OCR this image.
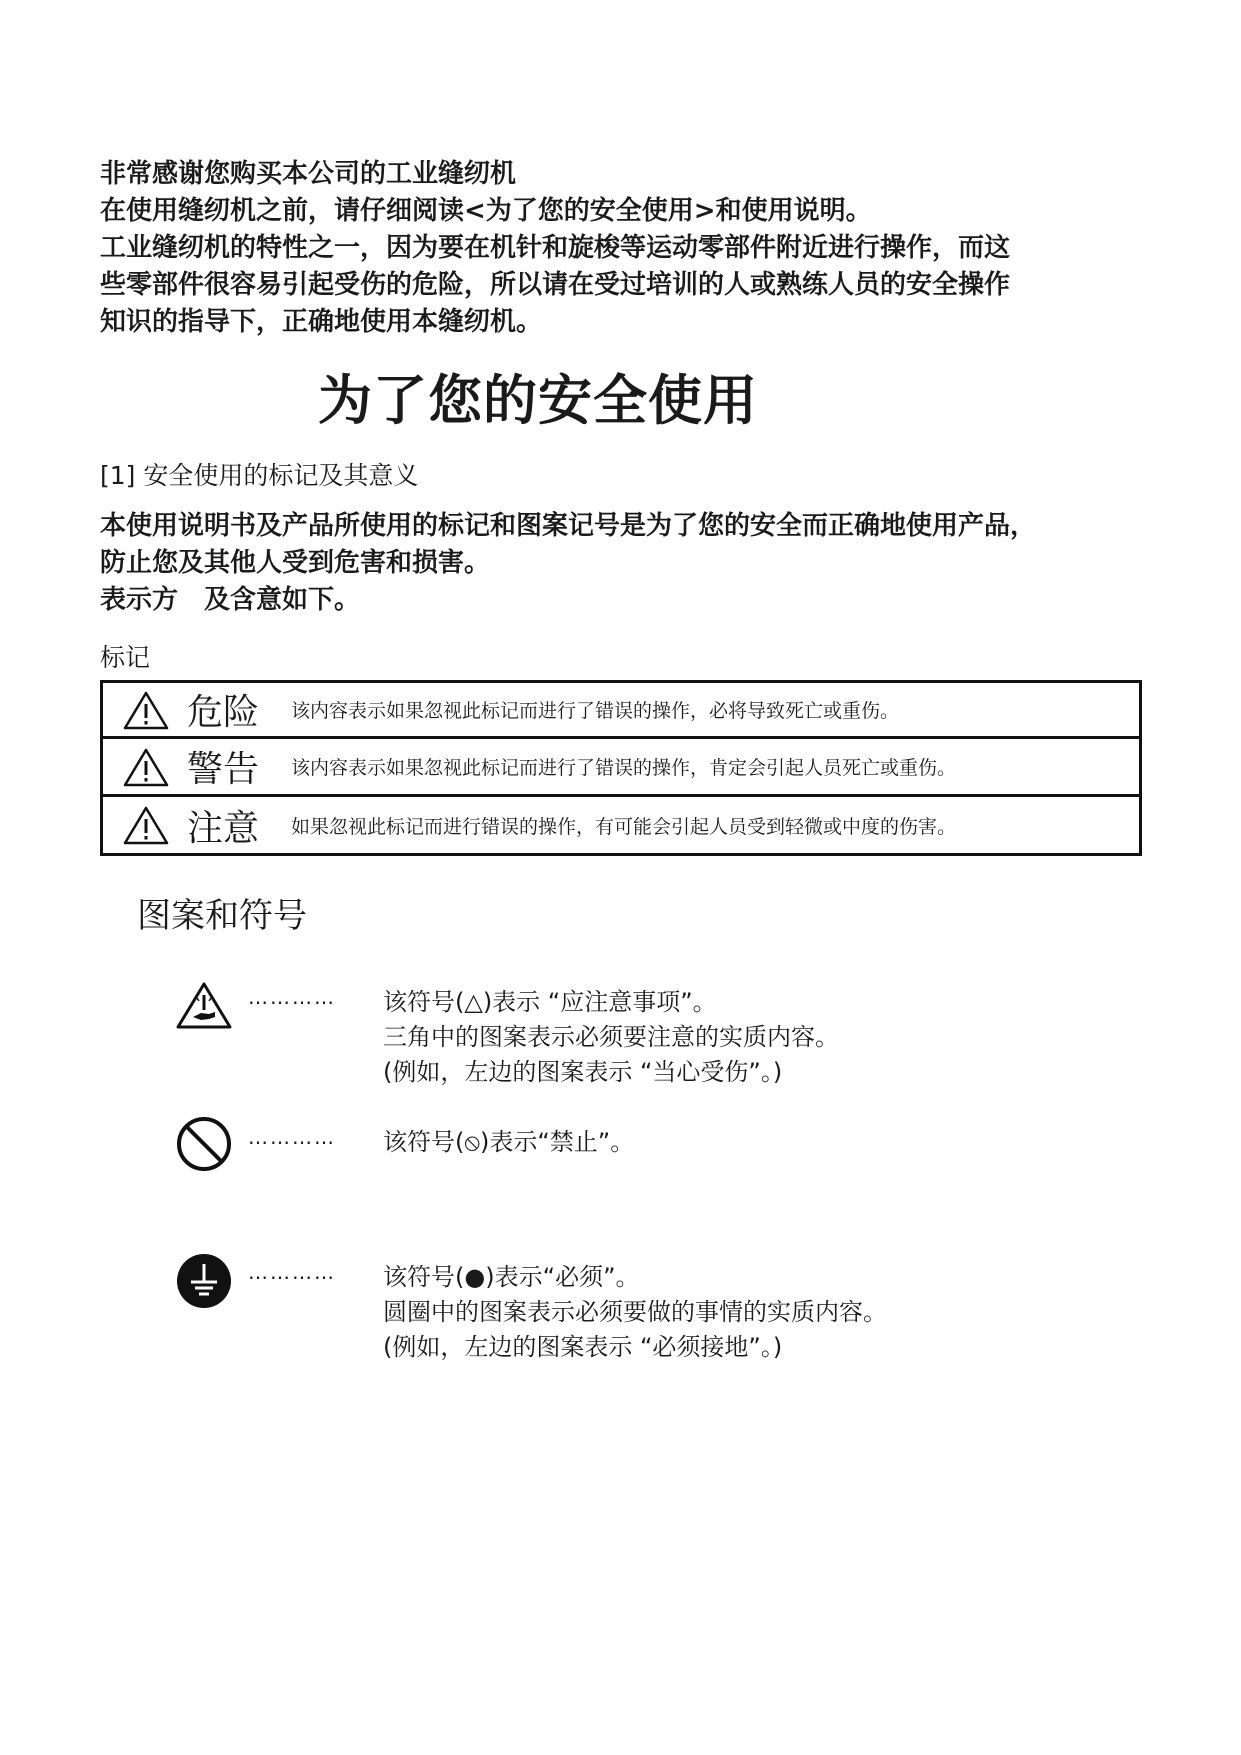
非常感谢您购买本公司的工业缝纫机

在使用缝纫机之前，请仔细阅读<为了您的安全使用>和使用说明。

工业缝纫机的特性之一，因为要在机针和旋梭等运动零部件附近进行操作，而这

些零部件很容易引起受伤的危险，所以请在受过培训的人或熟练人员的安全操作

知识的指导下，正确地使用本缝纫机。

为了您的安全使用
[1] 安全使用的标记及其意义

本使用说明书及产品所使用的标记和图案记号是为了您的安全而正确地使用产品，

防止您及其他人受到危害和损害。

表示方　及含意如下。

标记
危险	该内容表示如果忽视此标记而进行了错误的操作，必将导致死亡或重伤。
警告	该内容表示如果忽视此标记而进行了错误的操作，肯定会引起人员死亡或重伤。
注意	如果忽视此标记而进行错误的操作，有可能会引起人员受到轻微或中度的伤害。
图案和符号
………… 该符号(△)表示 “应注意事项”。
三角中的图案表示必须要注意的实质内容。
(例如，左边的图案表示 “当心受伤”。)
………… 该符号(⦸)表示“禁止”。
………… 该符号(●)表示“必须”。
圆圈中的图案表示必须要做的事情的实质内容。
(例如，左边的图案表示 “必须接地”。)
